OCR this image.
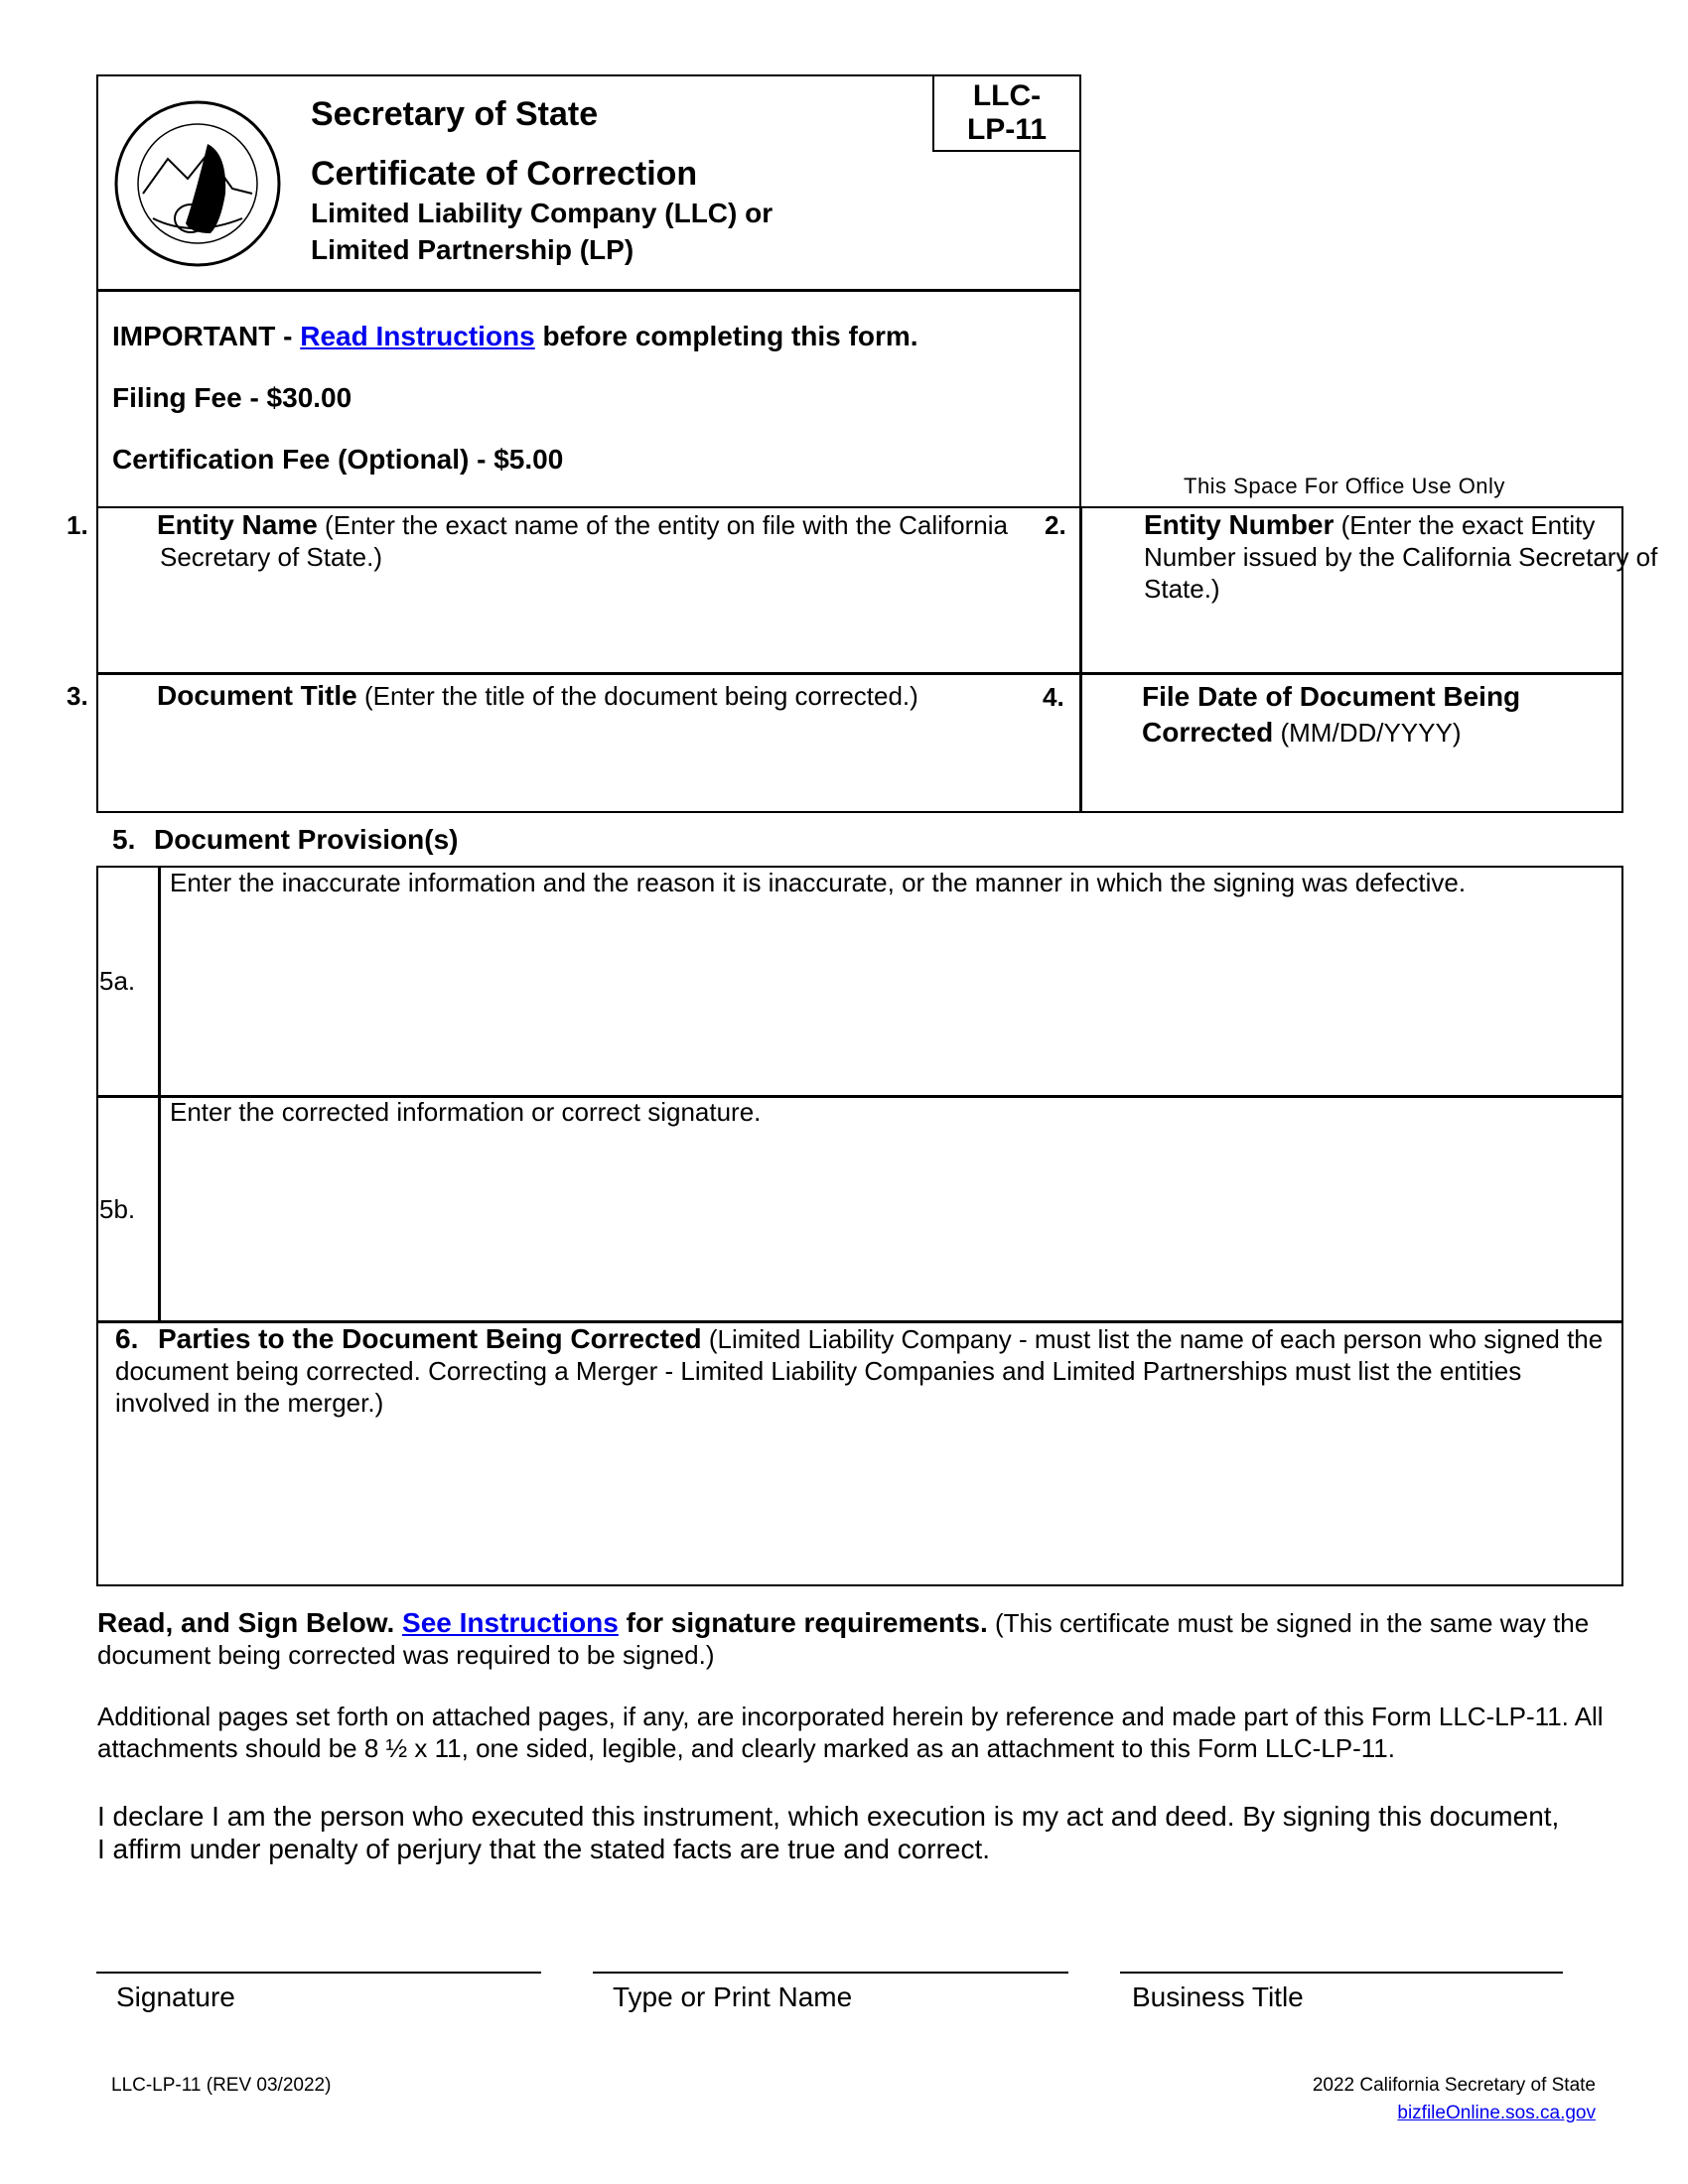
LLC-
LP-11
Secretary of State
Certificate of Correction
Limited Liability Company (LLC) or
Limited Partnership (LP)
IMPORTANT - Read Instructions before completing this form.
Filing Fee - $30.00
Certification Fee (Optional) - $5.00
This Space For Office Use Only
1. Entity Name (Enter the exact name of the entity on file with the California Secretary of State.)
2.	Entity Number (Enter the exact Entity Number issued by the California Secretary of State.)
3. Document Title (Enter the title of the document being corrected.)	4.	File Date of Document Being Corrected (MM/DD/YYYY)
5. Document Provision(s)
5a.
Enter the inaccurate information and the reason it is inaccurate, or the manner in which the signing was defective.
5b.
Enter the corrected information or correct signature.
6. Parties to the Document Being Corrected (Limited Liability Company - must list the name of each person who signed the document being corrected. Correcting a Merger - Limited Liability Companies and Limited Partnerships must list the entities involved in the merger.)
Read, and Sign Below. See Instructions for signature requirements. (This certificate must be signed in the same way the document being corrected was required to be signed.)
Additional pages set forth on attached pages, if any, are incorporated herein by reference and made part of this Form LLC-LP-11. All attachments should be 8 ½ x 11, one sided, legible, and clearly marked as an attachment to this Form LLC-LP-11.
I declare I am the person who executed this instrument, which execution is my act and deed. By signing this document, I affirm under penalty of perjury that the stated facts are true and correct.
Signature	Type or Print Name	Business Title
LLC-LP-11 (REV 03/2022)	2022 California Secretary of State
bizfileOnline.sos.ca.gov
